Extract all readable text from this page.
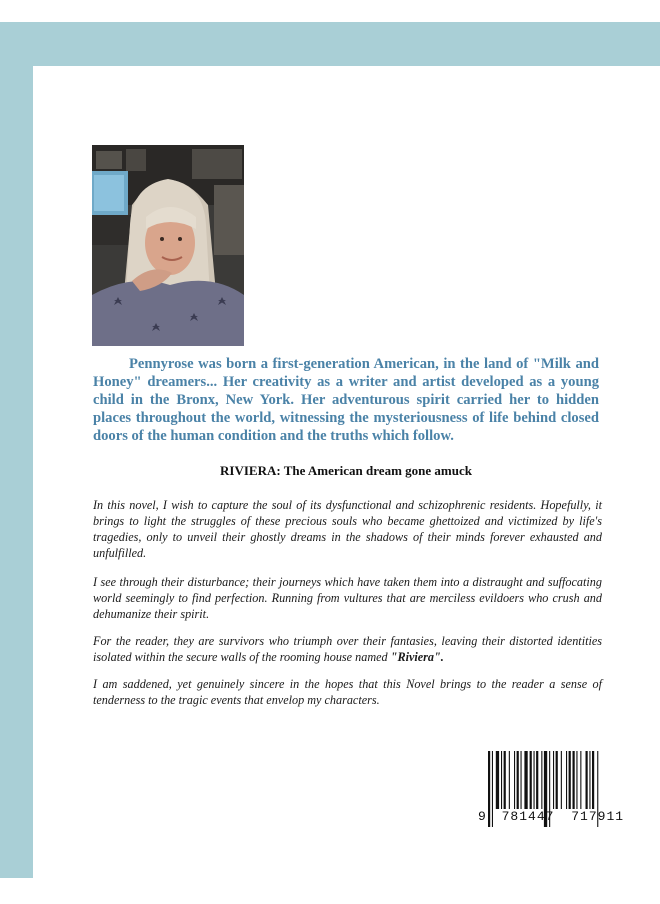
Pennyrose was born a first-generation American, in the land of "Milk and Honey" dreamers... Her creativity as a writer and artist developed as a young child in the Bronx, New York. Her adventurous spirit carried her to hidden places throughout the world, witnessing the mysteriousness of life behind closed doors of the human condition and the truths which follow.

RIVIERA: The American dream gone amuck

In this novel, I wish to capture the soul of its dysfunctional and schizophrenic residents. Hopefully, it brings to light the struggles of these precious souls who became ghettoized and victimized by life's tragedies, only to unveil their ghostly dreams in the shadows of their minds forever exhausted and unfulfilled.

I see through their disturbance; their journeys which have taken them into a distraught and suffocating world seemingly to find perfection. Running from vultures that are merciless evildoers who crush and dehumanize their spirit.

For the reader, they are survivors who triumph over their fantasies, leaving their distorted identities isolated within the secure walls of the rooming house named "Riviera".

I am saddened, yet genuinely sincere in the hopes that this Novel brings to the reader a sense of tenderness to the tragic events that envelop my characters.

9 781447 717911
